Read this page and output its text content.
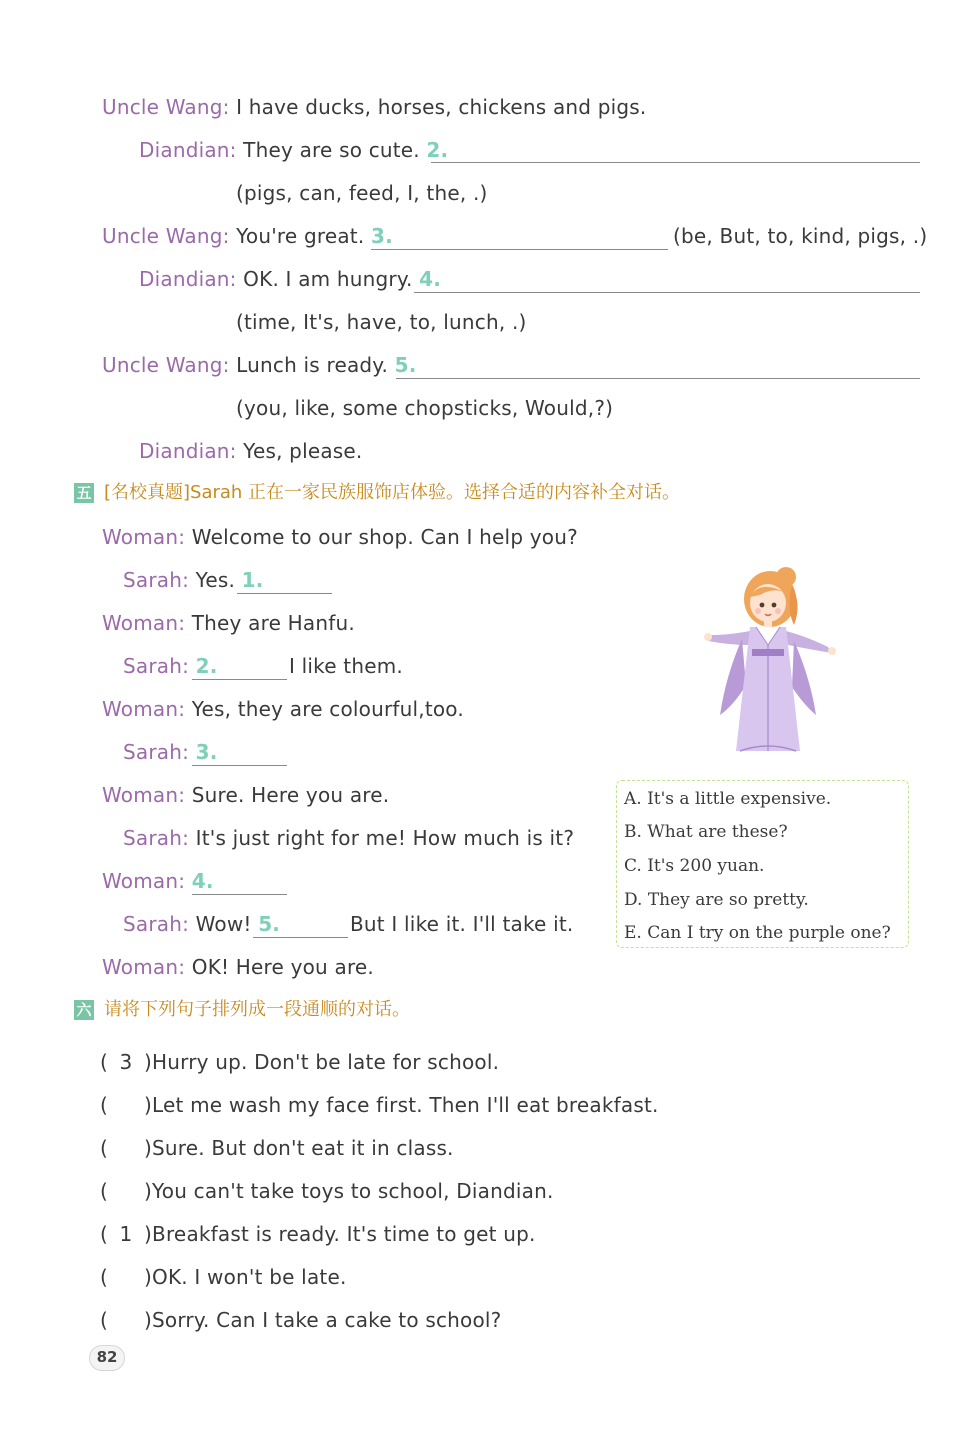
Uncle Wang: I have ducks, horses, chickens and pigs.
Diandian: They are so cute. 2.
(pigs, can, feed, I, the, .)
Uncle Wang: You're great. 3.	(be, But, to, kind, pigs, .)
Diandian: OK. I am hungry. 4.
(time, It's, have, to, lunch, .)
Uncle Wang: Lunch is ready. 5.
(you, like, some chopsticks, Would,?)
Diandian: Yes, please.
五 [名校真题]Sarah 正在一家民族服饰店体验。选择合适的内容补全对话。
Woman: Welcome to our shop. Can I help you?
Sarah: Yes. 1.
Woman: They are Hanfu.
Sarah: 2.	I like them.
Woman: Yes, they are colourful,too.
Sarah: 3.
Woman: Sure. Here you are.
Sarah: It's just right for me! How much is it?
Woman: 4.
Sarah: Wow! 5.	But I like it. I'll take it.
Woman: OK! Here you are.
A. It's a little expensive.
B. What are these?
C. It's 200 yuan.
D. They are so pretty.
E. Can I try on the purple one?
六 请将下列句子排列成一段通顺的对话。
( 3 )Hurry up. Don't be late for school.
( )Let me wash my face first. Then I'll eat breakfast.
( )Sure. But don't eat it in class.
( )You can't take toys to school, Diandian.
( 1 )Breakfast is ready. It's time to get up.
( )OK. I won't be late.
( )Sorry. Can I take a cake to school?
82
